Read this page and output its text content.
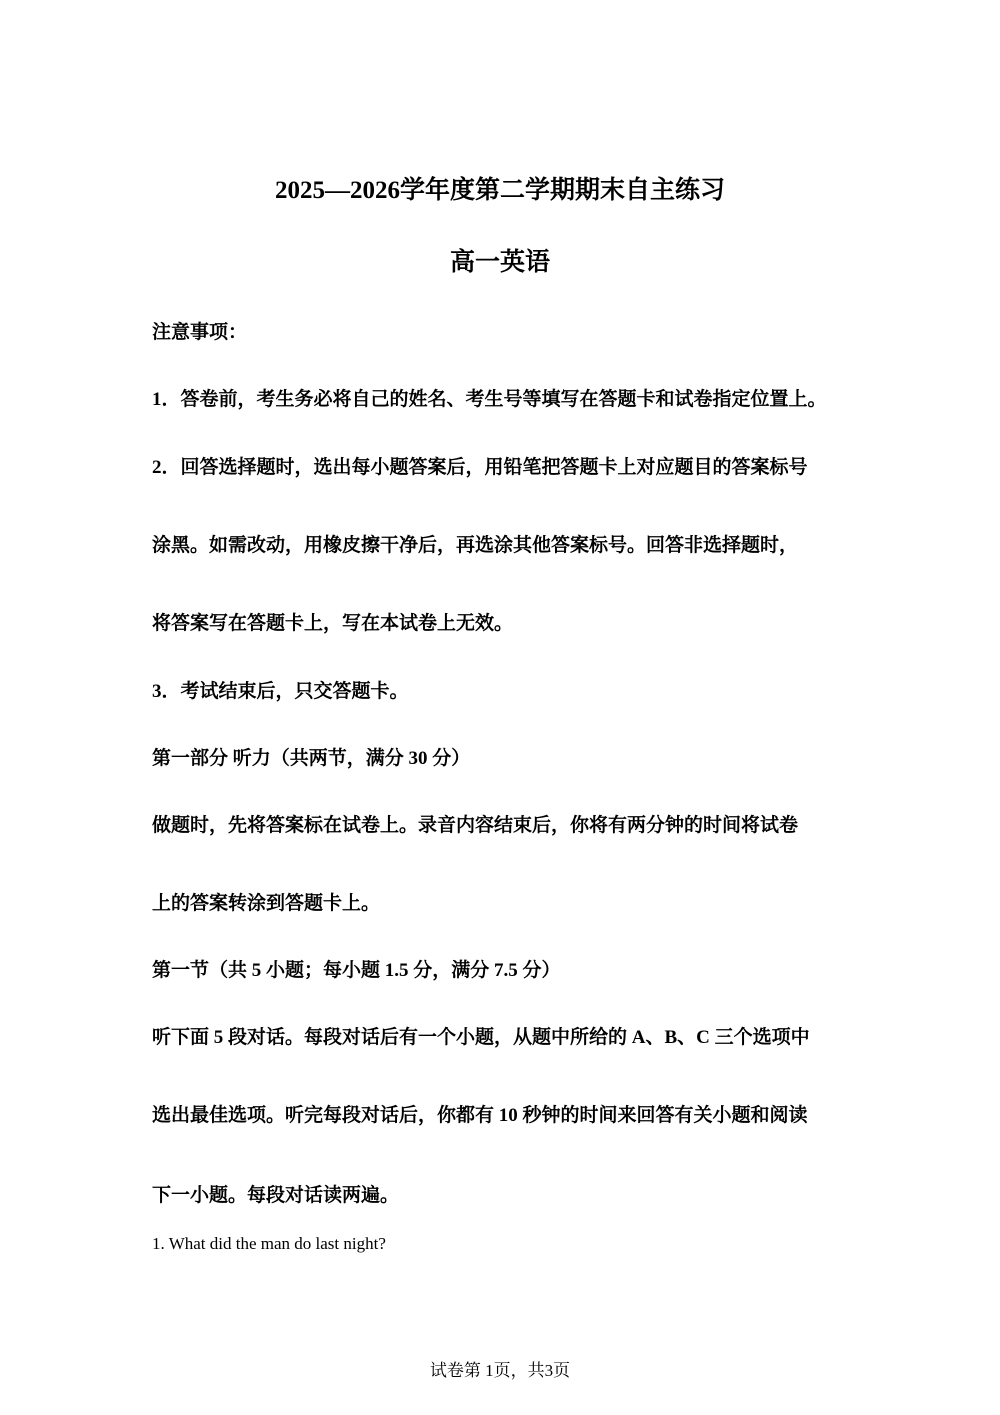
2025—2026学年度第二学期期末自主练习
高一英语
注意事项：
1．答卷前，考生务必将自己的姓名、考生号等填写在答题卡和试卷指定位置上。
2．回答选择题时，选出每小题答案后，用铅笔把答题卡上对应题目的答案标号
涂黑。如需改动，用橡皮擦干净后，再选涂其他答案标号。回答非选择题时，
将答案写在答题卡上，写在本试卷上无效。
3．考试结束后，只交答题卡。
第一部分 听力（共两节，满分 30 分）
做题时，先将答案标在试卷上。录音内容结束后，你将有两分钟的时间将试卷
上的答案转涂到答题卡上。
第一节（共 5 小题；每小题 1.5 分，满分 7.5 分）
听下面 5 段对话。每段对话后有一个小题，从题中所给的 A、B、C 三个选项中
选出最佳选项。听完每段对话后，你都有 10 秒钟的时间来回答有关小题和阅读
下一小题。每段对话读两遍。
1. What did the man do last night?
试卷第 1页，共3页
